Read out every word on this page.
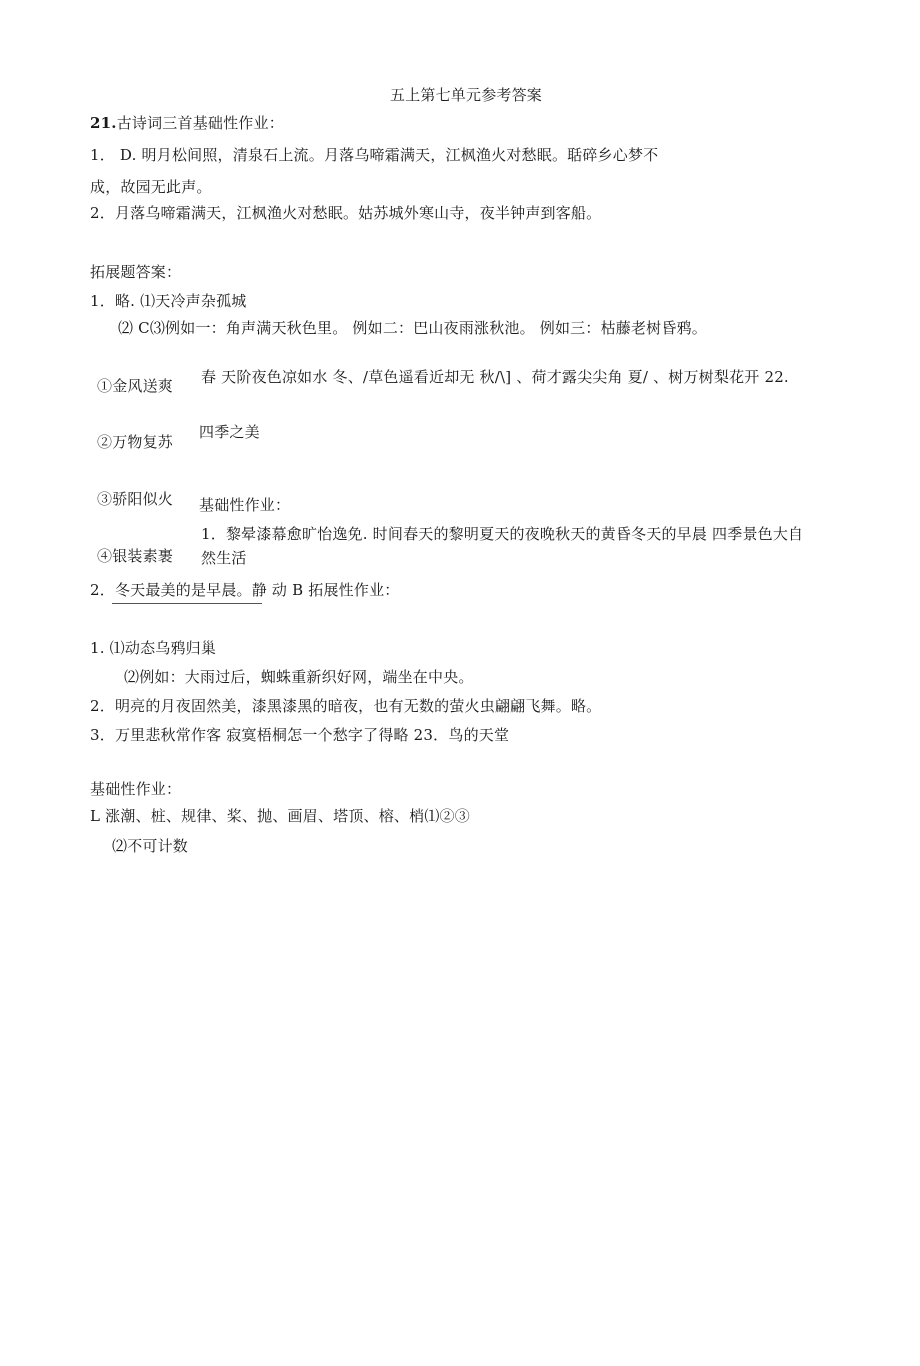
五上第七单元参考答案
21.古诗词三首基础性作业：
1． D. 明月松间照，清泉石上流。月落乌啼霜满天，江枫渔火对愁眠。聒碎乡心梦不
成，故园无此声。
2．月落乌啼霜满天，江枫渔火对愁眠。姑苏城外寒山寺，夜半钟声到客船。
拓展题答案：
1．略. ⑴天冷声杂孤城
⑵ C⑶例如一：角声满天秋色里。 例如二：巴山夜雨涨秋池。 例如三：枯藤老树昏鸦。
①金风送爽 春 天阶夜色凉如水 冬、/草色遥看近却无 秋/\] 、荷才露尖尖角 夏/ 、树万树梨花开 22.
②万物复苏
四季之美
③骄阳似火 基础性作业：
1．黎晕漆幕愈旷怡逸免. 时间春天的黎明夏天的夜晚秋天的黄昏冬天的早晨 四季景色大自
④银装素裹 然生活
2．冬天最美的是早晨。静 动 B 拓展性作业：
1. ⑴动态乌鸦归巢
⑵例如：大雨过后，蜘蛛重新织好网，端坐在中央。
2．明亮的月夜固然美，漆黑漆黑的暗夜，也有无数的萤火虫翩翩飞舞。略。
3．万里悲秋常作客 寂寞梧桐怎一个愁字了得略 23．鸟的天堂
基础性作业：
L 涨潮、桩、规律、桨、抛、画眉、塔顶、榕、梢⑴②③
⑵不可计数
